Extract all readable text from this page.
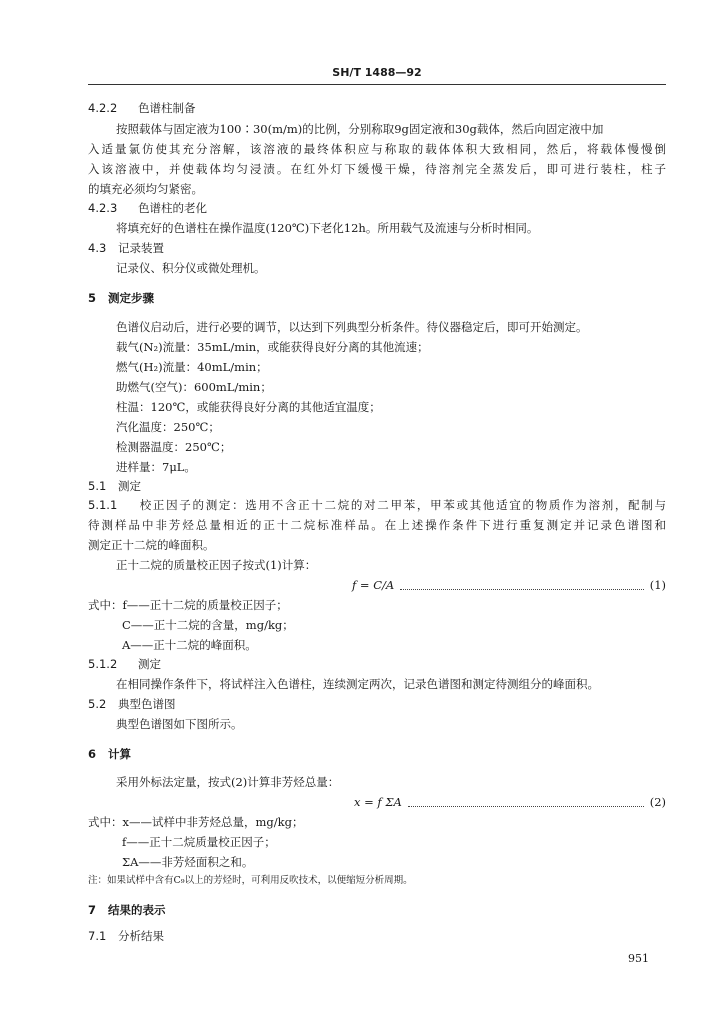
SH/T 1488—92
4.2.2 色谱柱制备
按照载体与固定液为100∶30(m/m)的比例，分别称取9g固定液和30g载体，然后向固定液中加
入适量氯仿使其充分溶解，该溶液的最终体积应与称取的载体体积大致相同，然后，将载体慢慢倒
入该溶液中，并使载体均匀浸渍。在红外灯下缓慢干燥，待溶剂完全蒸发后，即可进行装柱，柱子
的填充必须均匀紧密。
4.2.3 色谱柱的老化
将填充好的色谱柱在操作温度(120℃)下老化12h。所用载气及流速与分析时相同。
4.3 记录装置
记录仪、积分仪或微处理机。
5 测定步骤
色谱仪启动后，进行必要的调节，以达到下列典型分析条件。待仪器稳定后，即可开始测定。
载气(N₂)流量：35mL/min，或能获得良好分离的其他流速；
燃气(H₂)流量：40mL/min；
助燃气(空气)：600mL/min；
柱温：120℃，或能获得良好分离的其他适宜温度；
汽化温度：250℃；
检测器温度：250℃；
进样量：7μL。
5.1 测定
5.1.1 校正因子的测定：选用不含正十二烷的对二甲苯，甲苯或其他适宜的物质作为溶剂，配制与
待测样品中非芳烃总量相近的正十二烷标准样品。在上述操作条件下进行重复测定并记录色谱图和
测定正十二烷的峰面积。
正十二烷的质量校正因子按式(1)计算：
f = C/A	(1)
式中：f——正十二烷的质量校正因子；
C——正十二烷的含量，mg/kg；
A——正十二烷的峰面积。
5.1.2 测定
在相同操作条件下，将试样注入色谱柱，连续测定两次，记录色谱图和测定待测组分的峰面积。
5.2 典型色谱图
典型色谱图如下图所示。
6 计算
采用外标法定量，按式(2)计算非芳烃总量：
x = f ΣA	(2)
式中：x——试样中非芳烃总量，mg/kg；
f——正十二烷质量校正因子；
ΣA——非芳烃面积之和。
注：如果试样中含有C₉以上的芳烃时，可利用反吹技术，以便缩短分析周期。
7 结果的表示
7.1 分析结果
951
